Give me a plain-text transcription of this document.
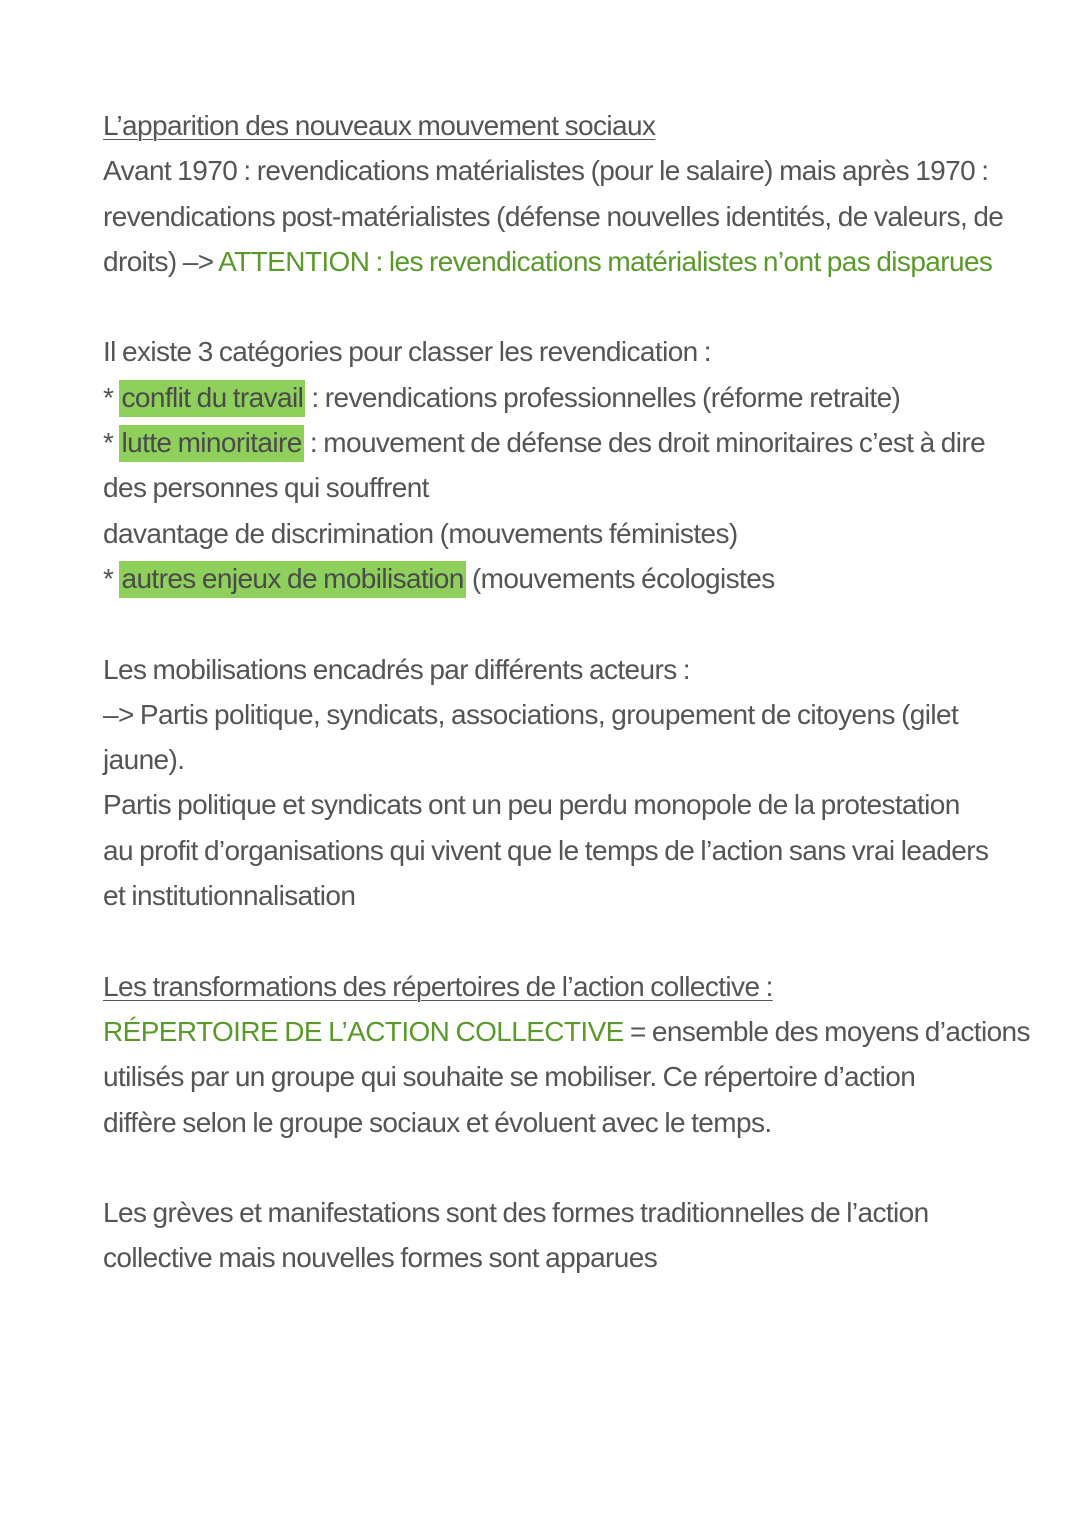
L’apparition des nouveaux mouvement sociaux
Avant 1970 : revendications matérialistes (pour le salaire) mais après 1970 :
revendications post-matérialistes (défense nouvelles identités, de valeurs, de
droits) –> ATTENTION : les revendications matérialistes n’ont pas disparues
Il existe 3 catégories pour classer les revendication :
* conflit du travail : revendications professionnelles (réforme retraite)
* lutte minoritaire : mouvement de défense des droit minoritaires c’est à dire
des personnes qui souffrent
davantage de discrimination (mouvements féministes)
* autres enjeux de mobilisation (mouvements écologistes
Les mobilisations encadrés par différents acteurs :
–> Partis politique, syndicats, associations, groupement de citoyens (gilet
jaune).
Partis politique et syndicats ont un peu perdu monopole de la protestation
au profit d’organisations qui vivent que le temps de l’action sans vrai leaders
et institutionnalisation
Les transformations des répertoires de l’action collective :
RÉPERTOIRE DE L’ACTION COLLECTIVE = ensemble des moyens d’actions
utilisés par un groupe qui souhaite se mobiliser. Ce répertoire d’action
diffère selon le groupe sociaux et évoluent avec le temps.
Les grèves et manifestations sont des formes traditionnelles de l’action
collective mais nouvelles formes sont apparues
